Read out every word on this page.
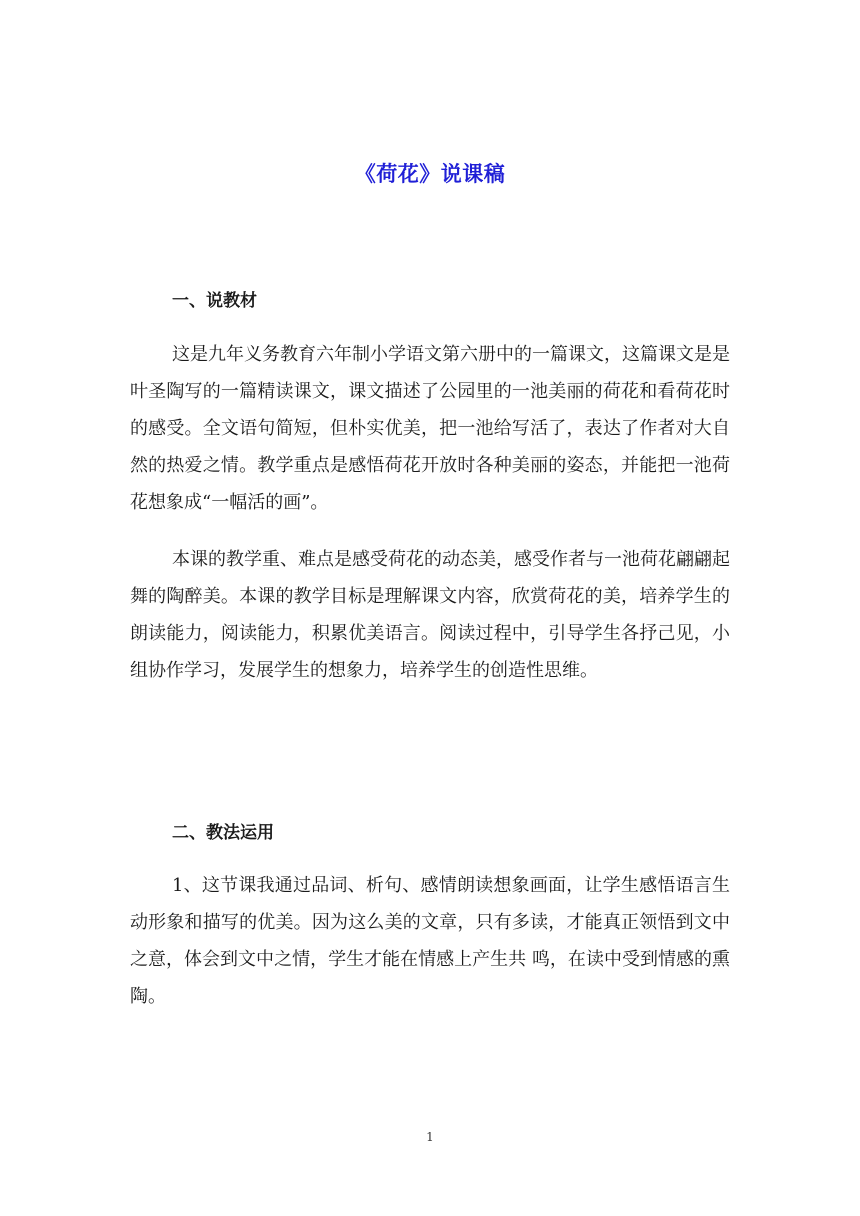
《荷花》说课稿
一、说教材

这是九年义务教育六年制小学语文第六册中的一篇课文，这篇课文是是叶圣陶写的一篇精读课文，课文描述了公园里的一池美丽的荷花和看荷花时的感受。全文语句简短，但朴实优美，把一池给写活了，表达了作者对大自然的热爱之情。教学重点是感悟荷花开放时各种美丽的姿态，并能把一池荷花想象成“一幅活的画”。

本课的教学重、难点是感受荷花的动态美，感受作者与一池荷花翩翩起舞的陶醉美。本课的教学目标是理解课文内容，欣赏荷花的美，培养学生的朗读能力，阅读能力，积累优美语言。阅读过程中，引导学生各抒己见，小组协作学习，发展学生的想象力，培养学生的创造性思维。

二、教法运用

1、这节课我通过品词、析句、感情朗读想象画面，让学生感悟语言生动形象和描写的优美。因为这么美的文章，只有多读，才能真正领悟到文中之意，体会到文中之情，学生才能在情感上产生共 鸣，在读中受到情感的熏陶。

1
